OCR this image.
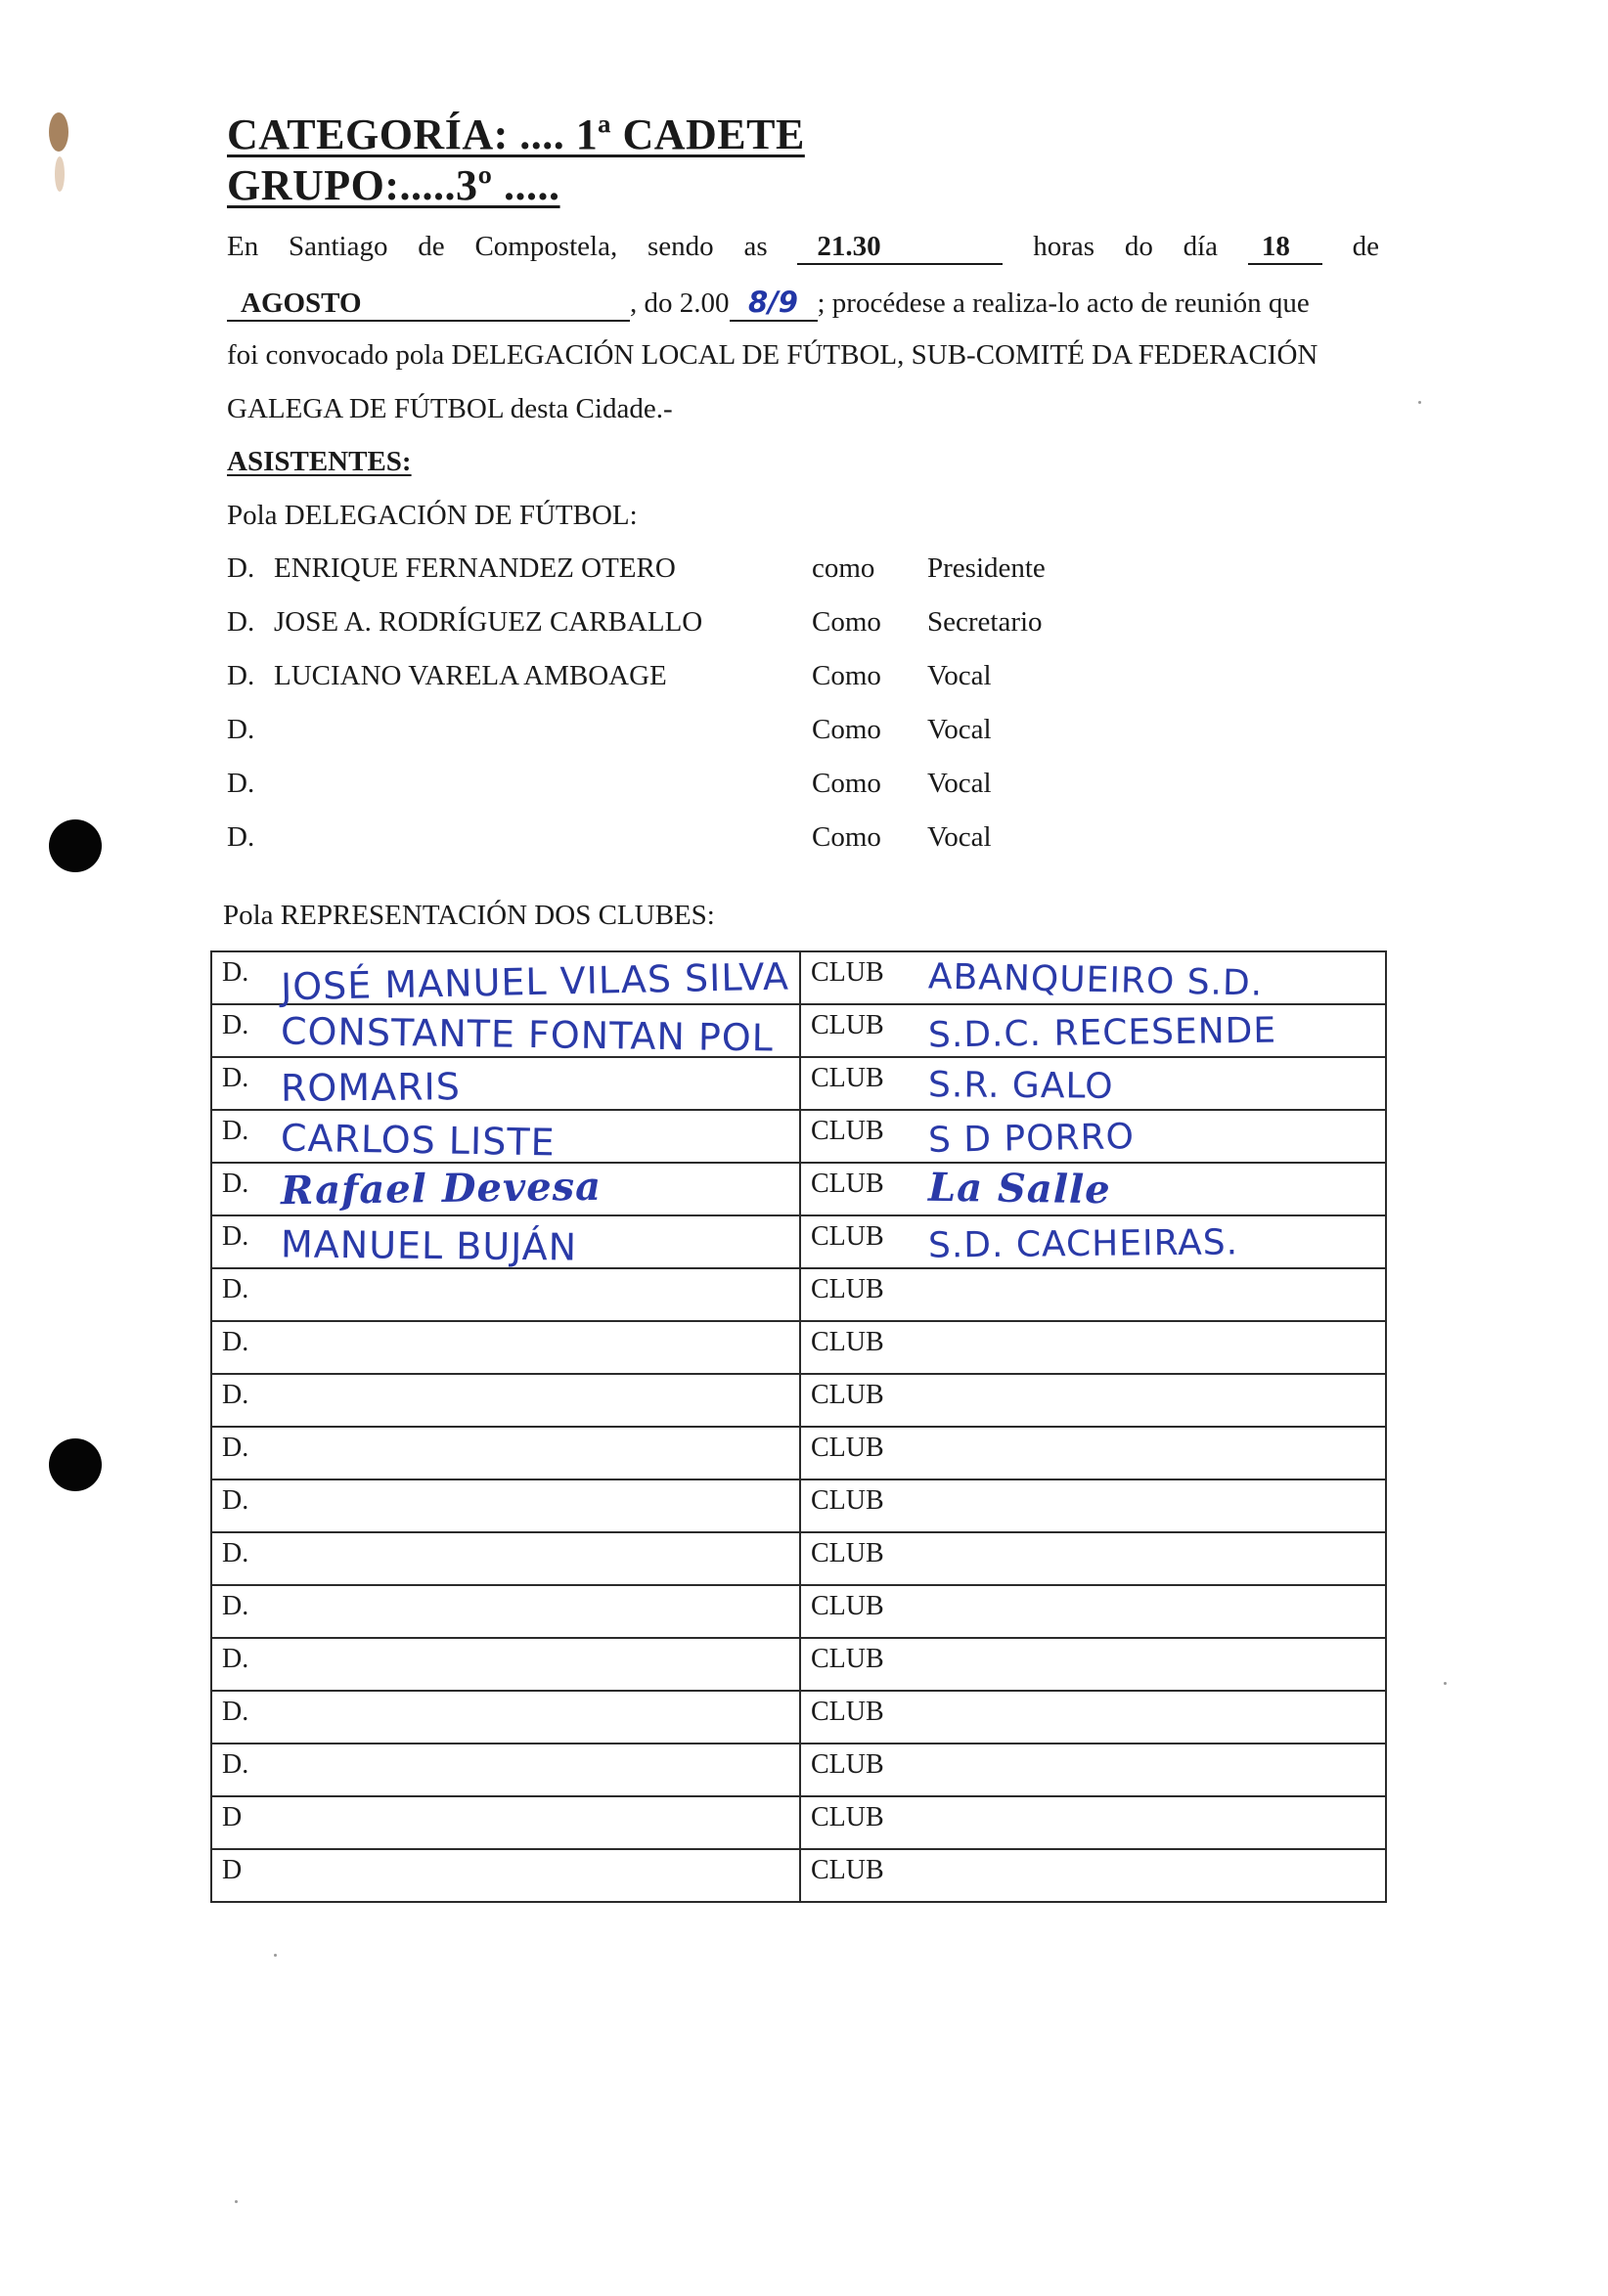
CATEGORÍA: .... 1ª CADETE
GRUPO:.....3º .....
En Santiago de Compostela, sendo as	21.30	horas do día	18	de
AGOSTO	, do 2.00 8/9 ; procédese a realiza-lo acto de reunión que
foi convocado pola DELEGACIÓN LOCAL DE FÚTBOL, SUB-COMITÉ DA FEDERACIÓN
GALEGA DE FÚTBOL desta Cidade.-
ASISTENTES:
Pola DELEGACIÓN DE FÚTBOL:
D. ENRIQUE FERNANDEZ OTERO	como Presidente
D. JOSE A. RODRÍGUEZ CARBALLO	Como Secretario
D. LUCIANO VARELA AMBOAGE	Como Vocal
D.	Como Vocal
D.	Como Vocal
D.	Como Vocal
Pola REPRESENTACIÓN DOS CLUBES:
D. JOSÉ MANUEL VILAS SILVA	CLUB ABANQUEIRO S.D.

D. CONSTANTE FONTAN POL	CLUB S.D.C. RECESENDE

D. ROMARIS	CLUB S.R. GALO

D. CARLOS LISTE	CLUB S D PORRO

D. Rafael Devesa	CLUB La Salle

D. MANUEL BUJÁN	CLUB S.D. CACHEIRAS.

D.	CLUB

D.	CLUB

D.	CLUB

D.	CLUB

D.	CLUB

D.	CLUB

D.	CLUB

D.	CLUB

D.	CLUB

D.	CLUB

D	CLUB

D	CLUB
